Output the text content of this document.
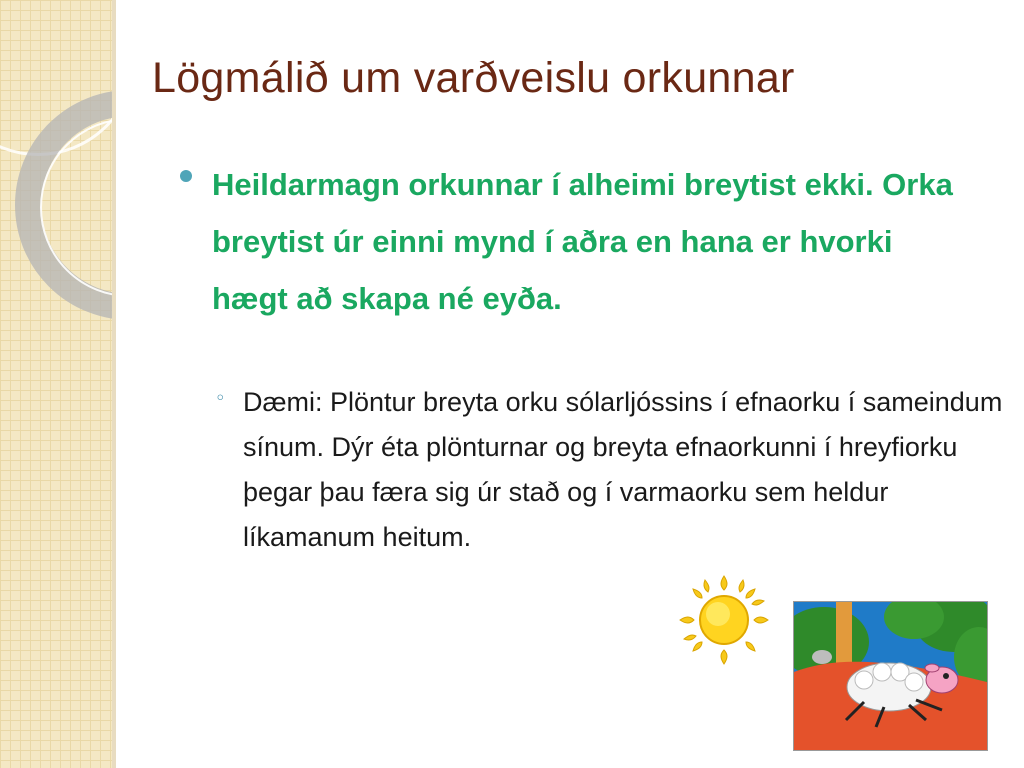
Lögmálið um varðveislu orkunnar

Heildarmagn orkunnar í alheimi breytist ekki. Orka breytist úr einni mynd í aðra en hana er hvorki hægt að skapa né eyða.

◦ Dæmi: Plöntur breyta orku sólarljóssins í efnaorku í sameindum sínum. Dýr éta plönturnar og breyta efnaorkunni í hreyfiorku þegar þau færa sig úr stað og í varmaorku sem heldur líkamanum heitum.
